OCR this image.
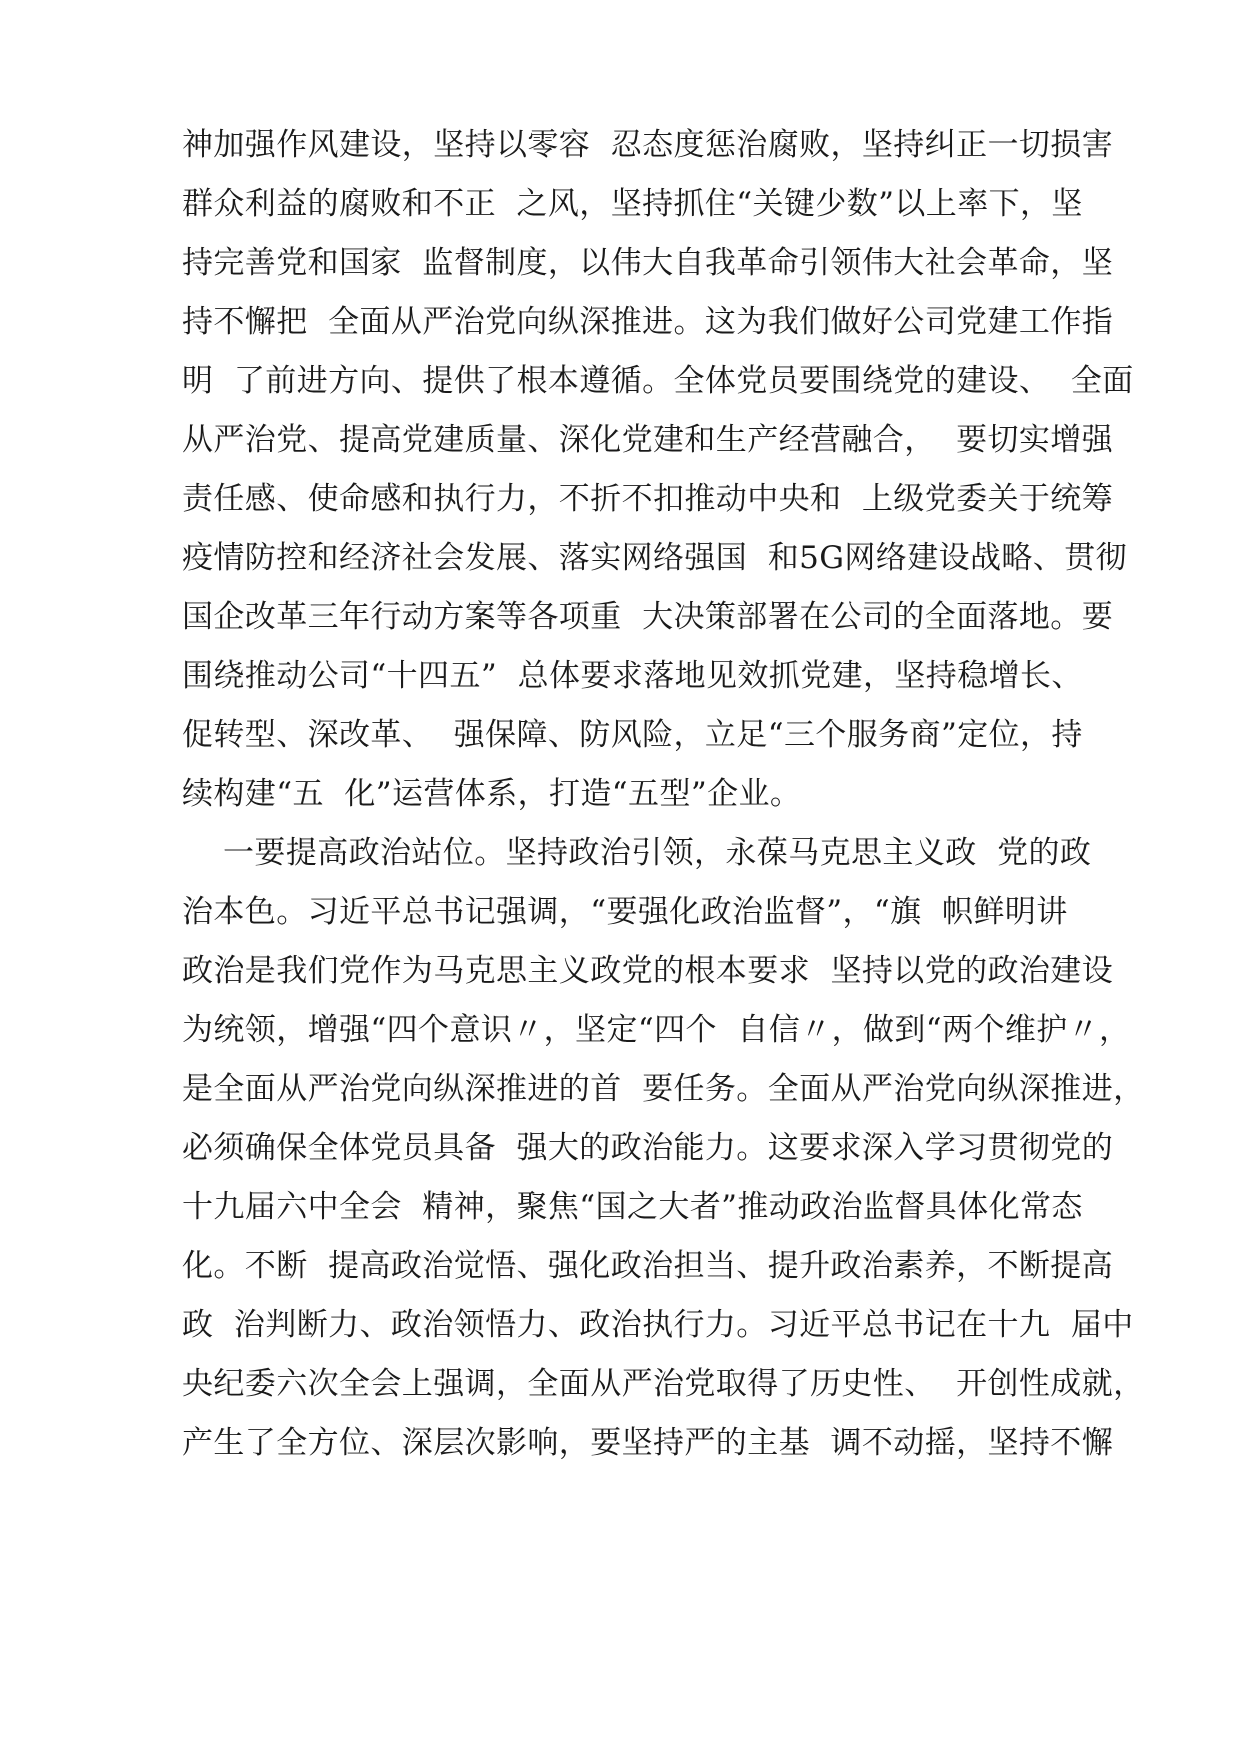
神加强作风建设，坚持以零容  忍态度惩治腐败，坚持纠正一切损害

群众利益的腐败和不正  之风，坚持抓住“关键少数”以上率下，坚

持完善党和国家  监督制度，以伟大自我革命引领伟大社会革命，坚

持不懈把  全面从严治党向纵深推进。这为我们做好公司党建工作指

明  了前进方向、提供了根本遵循。全体党员要围绕党的建设、  全面

从严治党、提高党建质量、深化党建和生产经营融合，  要切实增强

责任感、使命感和执行力，不折不扣推动中央和  上级党委关于统筹

疫情防控和经济社会发展、落实网络强国  和5G网络建设战略、贯彻

国企改革三年行动方案等各项重  大决策部署在公司的全面落地。要

围绕推动公司“十四五”  总体要求落地见效抓党建，坚持稳增长、

促转型、深改革、  强保障、防风险，立足“三个服务商”定位，持

续构建“五  化”运营体系，打造“五型”企业。

一要提高政治站位。坚持政治引领，永葆马克思主义政  党的政

治本色。习近平总书记强调，“要强化政治监督”，“旗  帜鲜明讲

政治是我们党作为马克思主义政党的根本要求  坚持以党的政治建设

为统领，增强“四个意识〃，坚定“四个  自信〃，做到“两个维护〃，

是全面从严治党向纵深推进的首  要任务。全面从严治党向纵深推进，

必须确保全体党员具备  强大的政治能力。这要求深入学习贯彻党的

十九届六中全会  精神，聚焦“国之大者”推动政治监督具体化常态

化。不断  提高政治觉悟、强化政治担当、提升政治素养，不断提高

政  治判断力、政治领悟力、政治执行力。习近平总书记在十九  届中

央纪委六次全会上强调，全面从严治党取得了历史性、  开创性成就，

产生了全方位、深层次影响，要坚持严的主基  调不动摇，坚持不懈
